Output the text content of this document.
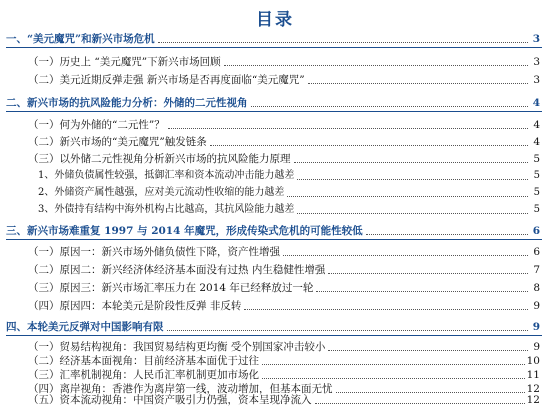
目录
一、“美元魔咒”和新兴市场危机	3
（一）历史上 “美元魔咒”下新兴市场回顾	3
（二）美元近期反弹走强 新兴市场是否再度面临“美元魔咒”	3
二、新兴市场的抗风险能力分析：外储的二元性视角	4
（一）何为外储的“二元性”？	4
（二）新兴市场的“美元魔咒”触发链条	4
（三）以外储二元性视角分析新兴市场的抗风险能力原理	5
1、外储负债属性较强，抵御汇率和资本流动冲击能力越差	5
2、外储资产属性越强，应对美元流动性收缩的能力越差	5
3、外债持有结构中海外机构占比越高，其抗风险能力越差	5
三、新兴市场难重复 1997 与 2014 年魔咒，形成传染式危机的可能性较低	6
（一）原因一：新兴市场外储负债性下降，资产性增强	6
（二）原因二：新兴经济体经济基本面没有过热 内生稳健性增强	7
（三）原因三：新兴市场汇率压力在 2014 年已经释放过一轮	8
（四）原因四：本轮美元是阶段性反弹 非反转	9
四、本轮美元反弹对中国影响有限	9
（一）贸易结构视角：我国贸易结构更均衡 受个别国家冲击较小	9
（二）经济基本面视角：目前经济基本面优于过往	10
（三）汇率机制视角：人民币汇率机制更加市场化	11
（四）离岸视角：香港作为离岸第一线，波动增加，但基本面无忧	12
（五）资本流动视角：中国资产吸引力仍强，资本呈现净流入	12
